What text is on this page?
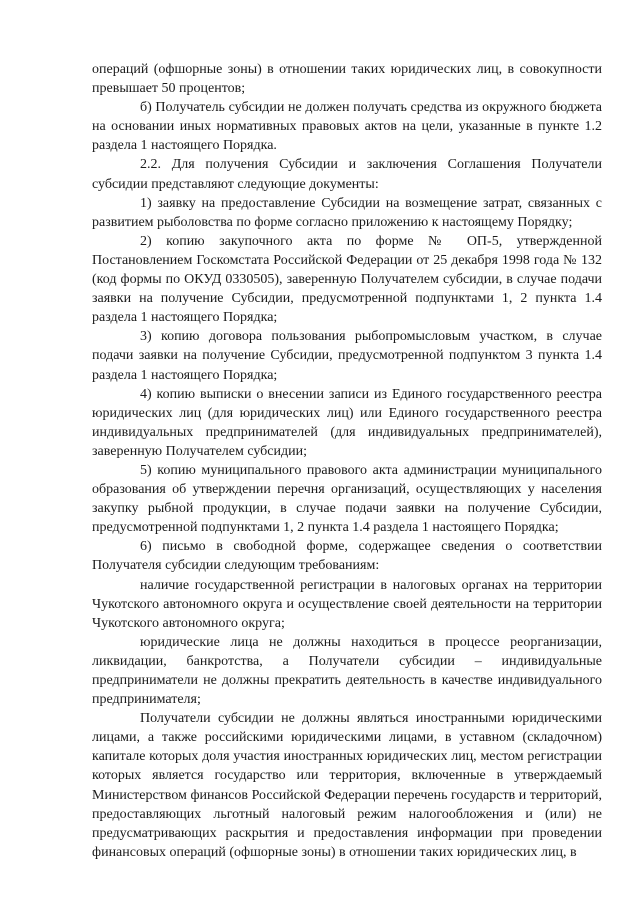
операций (офшорные зоны) в отношении таких юридических лиц, в совокупности превышает 50 процентов;

б) Получатель субсидии не должен получать средства из окружного бюджета на основании иных нормативных правовых актов на цели, указанные в пункте 1.2 раздела 1 настоящего Порядка.

2.2. Для получения Субсидии и заключения Соглашения Получатели субсидии представляют следующие документы:

1) заявку на предоставление Субсидии на возмещение затрат, связанных с развитием рыболовства по форме согласно приложению к настоящему Порядку;

2) копию закупочного акта по форме № ОП-5, утвержденной Постановлением Госкомстата Российской Федерации от 25 декабря 1998 года № 132 (код формы по ОКУД 0330505), заверенную Получателем субсидии, в случае подачи заявки на получение Субсидии, предусмотренной подпунктами 1, 2 пункта 1.4 раздела 1 настоящего Порядка;

3) копию договора пользования рыбопромысловым участком, в случае подачи заявки на получение Субсидии, предусмотренной подпунктом 3 пункта 1.4 раздела 1 настоящего Порядка;

4) копию выписки о внесении записи из Единого государственного реестра юридических лиц (для юридических лиц) или Единого государственного реестра индивидуальных предпринимателей (для индивидуальных предпринимателей), заверенную Получателем субсидии;

5) копию муниципального правового акта администрации муниципального образования об утверждении перечня организаций, осуществляющих у населения закупку рыбной продукции, в случае подачи заявки на получение Субсидии, предусмотренной подпунктами 1, 2 пункта 1.4 раздела 1 настоящего Порядка;

6) письмо в свободной форме, содержащее сведения о соответствии Получателя субсидии следующим требованиям:

наличие государственной регистрации в налоговых органах на территории Чукотского автономного округа и осуществление своей деятельности на территории Чукотского автономного округа;

юридические лица не должны находиться в процессе реорганизации, ликвидации, банкротства, а Получатели субсидии – индивидуальные предприниматели не должны прекратить деятельность в качестве индивидуального предпринимателя;

Получатели субсидии не должны являться иностранными юридическими лицами, а также российскими юридическими лицами, в уставном (складочном) капитале которых доля участия иностранных юридических лиц, местом регистрации которых является государство или территория, включенные в утверждаемый Министерством финансов Российской Федерации перечень государств и территорий, предоставляющих льготный налоговый режим налогообложения и (или) не предусматривающих раскрытия и предоставления информации при проведении финансовых операций (офшорные зоны) в отношении таких юридических лиц, в
